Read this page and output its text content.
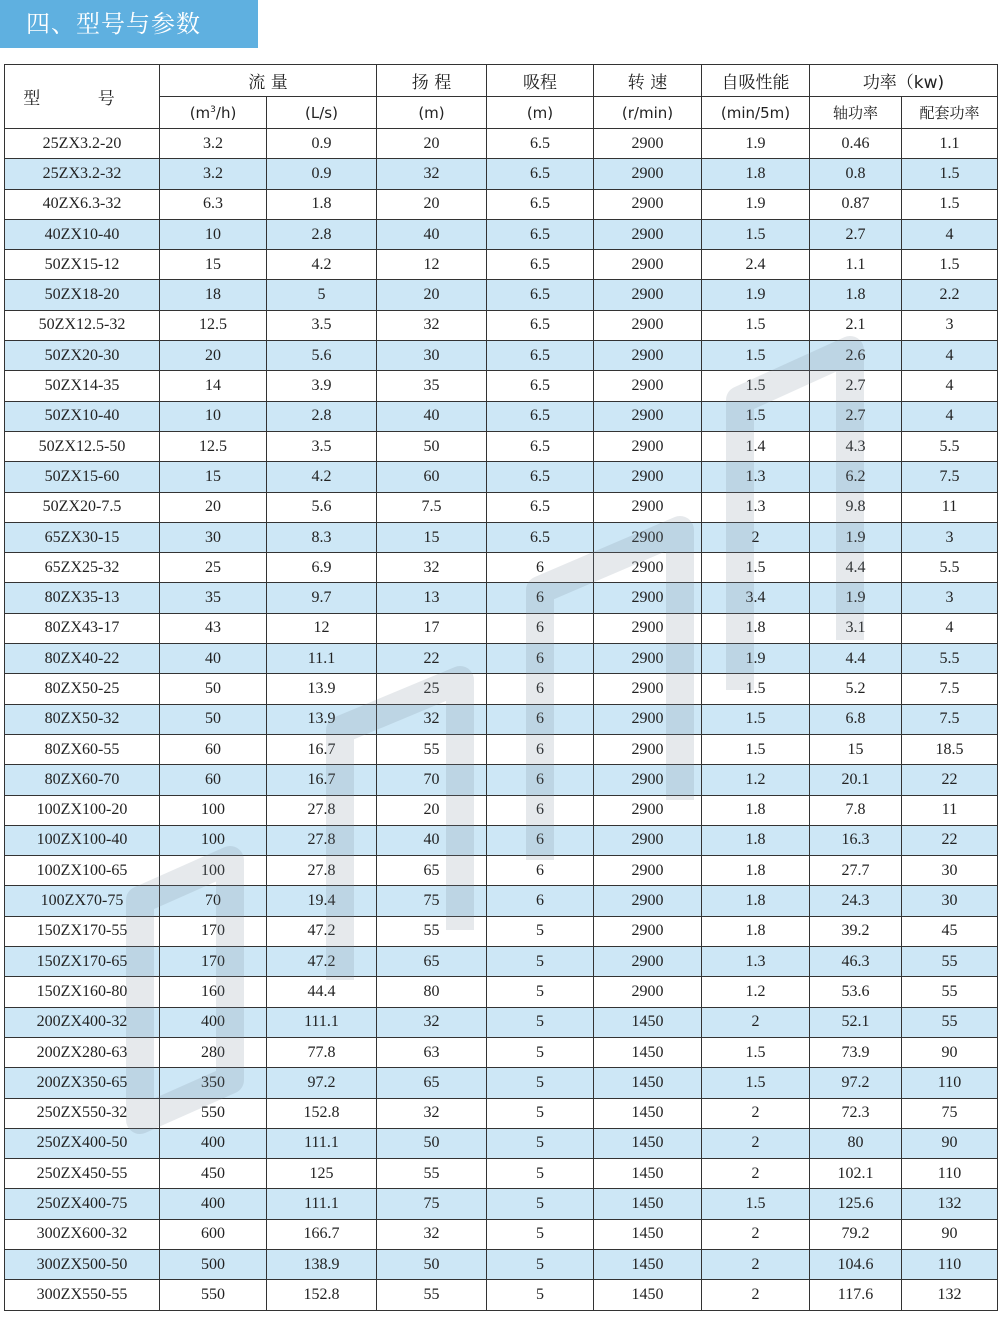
四、型号与参数
型 号	流 量		扬 程	吸程	转 速	自吸性能	功率（kw)	
	$(m^3/h)$	(L/s)	(m)	(m)	(r/min)	(min/5m)	轴功率	配套功率
25ZX3.2-20	3.2	0.9	20	6.5	2900	1.9	0.46	1.1
25ZX3.2-32	3.2	0.9	32	6.5	2900	1.8	0.8	1.5
40ZX6.3-32	6.3	1.8	20	6.5	2900	1.9	0.87	1.5
40ZX10-40	10	2.8	40	6.5	2900	1.5	2.7	4
50ZX15-12	15	4.2	12	6.5	2900	2.4	1.1	1.5
50ZX18-20	18	5	20	6.5	2900	1.9	1.8	2.2
50ZX12.5-32	12.5	3.5	32	6.5	2900	1.5	2.1	3
50ZX20-30	20	5.6	30	6.5	2900	1.5	2.6	4
50ZX14-35	14	3.9	35	6.5	2900	1.5	2.7	4
50ZX10-40	10	2.8	40	6.5	2900	1.5	2.7	4
50ZX12.5-50	12.5	3.5	50	6.5	2900	1.4	4.3	5.5
50ZX15-60	15	4.2	60	6.5	2900	1.3	6.2	7.5
50ZX20-7.5	20	5.6	7.5	6.5	2900	1.3	9.8	11
65ZX30-15	30	8.3	15	6.5	2900	2	1.9	3
65ZX25-32	25	6.9	32	6	2900	1.5	4.4	5.5
80ZX35-13	35	9.7	13	6	2900	3.4	1.9	3
80ZX43-17	43	12	17	6	2900	1.8	3.1	4
80ZX40-22	40	11.1	22	6	2900	1.9	4.4	5.5
80ZX50-25	50	13.9	25	6	2900	1.5	5.2	7.5
80ZX50-32	50	13.9	32	6	2900	1.5	6.8	7.5
80ZX60-55	60	16.7	55	6	2900	1.5	15	18.5
80ZX60-70	60	16.7	70	6	2900	1.2	20.1	22
100ZX100-20	100	27.8	20	6	2900	1.8	7.8	11
100ZX100-40	100	27.8	40	6	2900	1.8	16.3	22
100ZX100-65	100	27.8	65	6	2900	1.8	27.7	30
100ZX70-75	70	19.4	75	6	2900	1.8	24.3	30
150ZX170-55	170	47.2	55	5	2900	1.8	39.2	45
150ZX170-65	170	47.2	65	5	2900	1.3	46.3	55
150ZX160-80	160	44.4	80	5	2900	1.2	53.6	55
200ZX400-32	400	111.1	32	5	1450	2	52.1	55
200ZX280-63	280	77.8	63	5	1450	1.5	73.9	90
200ZX350-65	350	97.2	65	5	1450	1.5	97.2	110
250ZX550-32	550	152.8	32	5	1450	2	72.3	75
250ZX400-50	400	111.1	50	5	1450	2	80	90
250ZX450-55	450	125	55	5	1450	2	102.1	110
250ZX400-75	400	111.1	75	5	1450	1.5	125.6	132
300ZX600-32	600	166.7	32	5	1450	2	79.2	90
300ZX500-50	500	138.9	50	5	1450	2	104.6	110
300ZX550-55	550	152.8	55	5	1450	2	117.6	132
